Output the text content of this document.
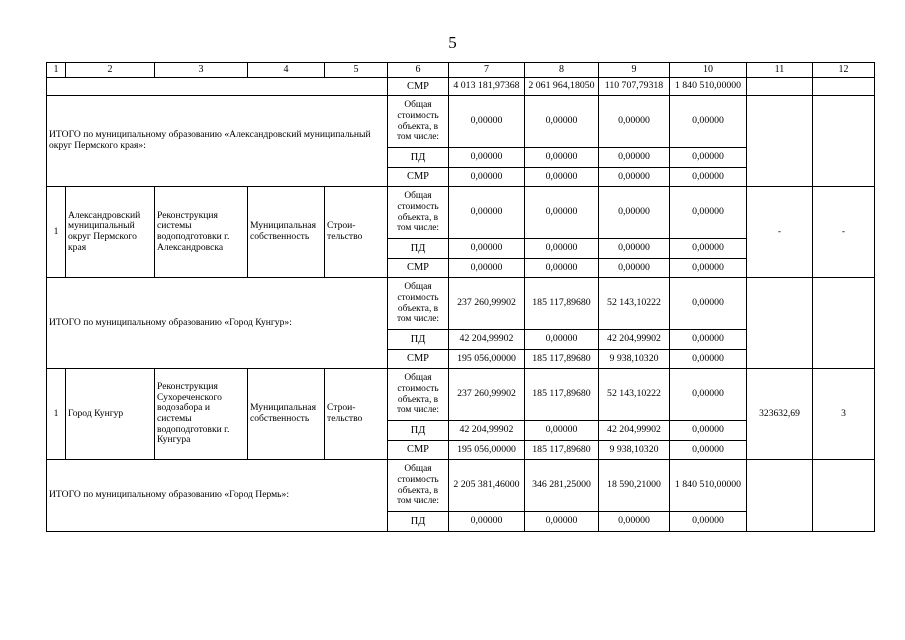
5
1	2	3	4	5	6	7	8	9	10	11	12
					СМР	4 013 181,97368	2 061 964,18050	110 707,79318	1 840 510,00000		
ИТОГО по муниципальному образованию «Александровский муниципальный округ Пермского края»:					Общая стоимость объекта, в том числе:	0,00000	0,00000	0,00000	0,00000		
					ПД	0,00000	0,00000	0,00000	0,00000		
					СМР	0,00000	0,00000	0,00000	0,00000		
1	Александровский муниципальный округ Пермского края	Реконструкция системы водоподготовки г. Александровска	Муниципальная собственность	Строи-тельство	Общая стоимость объекта, в том числе:	0,00000	0,00000	0,00000	0,00000	-	-
					ПД	0,00000	0,00000	0,00000	0,00000		
					СМР	0,00000	0,00000	0,00000	0,00000		
ИТОГО по муниципальному образованию «Город Кунгур»:					Общая стоимость объекта, в том числе:	237 260,99902	185 117,89680	52 143,10222	0,00000		
					ПД	42 204,99902	0,00000	42 204,99902	0,00000		
					СМР	195 056,00000	185 117,89680	9 938,10320	0,00000		
1	Город Кунгур	Реконструкция Сухореченского водозабора и системы водоподготовки г. Кунгура	Муниципальная собственность	Строи-тельство	Общая стоимость объекта, в том числе:	237 260,99902	185 117,89680	52 143,10222	0,00000	323632,69	3
					ПД	42 204,99902	0,00000	42 204,99902	0,00000		
					СМР	195 056,00000	185 117,89680	9 938,10320	0,00000		
ИТОГО по муниципальному образованию «Город Пермь»:					Общая стоимость объекта, в том числе:	2 205 381,46000	346 281,25000	18 590,21000	1 840 510,00000		
					ПД	0,00000	0,00000	0,00000	0,00000		
